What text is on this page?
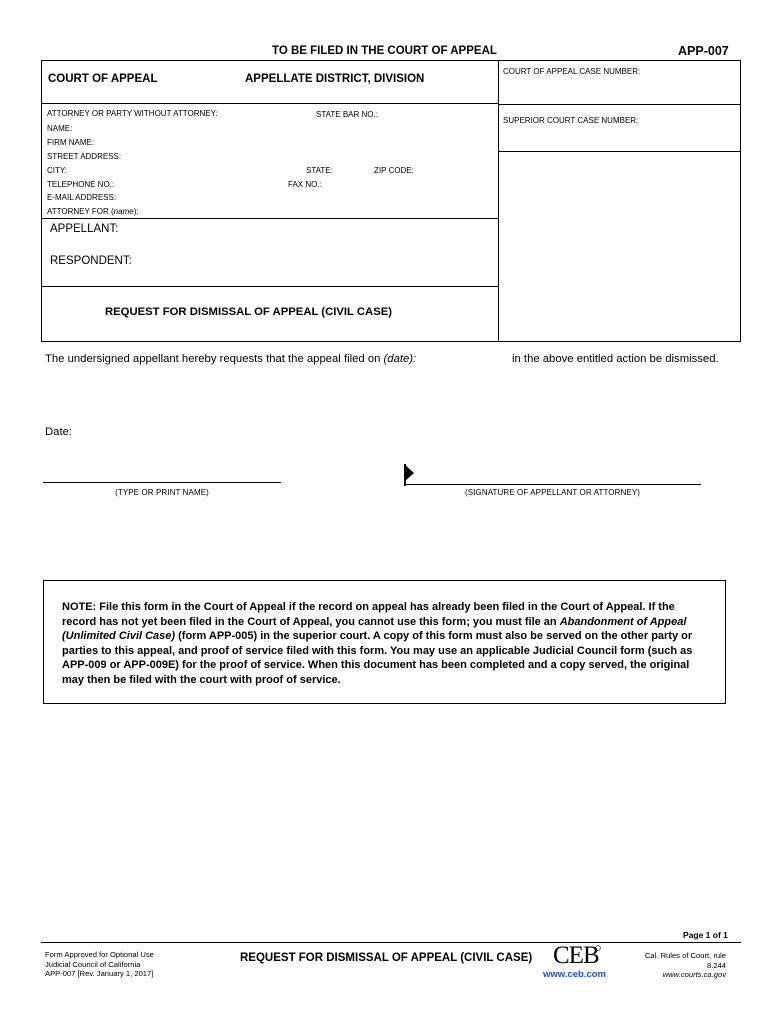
TO BE FILED IN THE COURT OF APPEAL	APP-007
COURT OF APPEAL	APPELLATE DISTRICT, DIVISION
COURT OF APPEAL CASE NUMBER:
SUPERIOR COURT CASE NUMBER:
ATTORNEY OR PARTY WITHOUT ATTORNEY:	STATE BAR NO.:
NAME:
FIRM NAME:
STREET ADDRESS:
CITY:	STATE:	ZIP CODE:
TELEPHONE NO.:	FAX NO.:
E-MAIL ADDRESS:
ATTORNEY FOR (name):
APPELLANT:
RESPONDENT:
REQUEST FOR DISMISSAL OF APPEAL (CIVIL CASE)
The undersigned appellant hereby requests that the appeal filed on (date):	in the above entitled action be dismissed.
Date:
(TYPE OR PRINT NAME)	(SIGNATURE OF APPELLANT OR ATTORNEY)
NOTE: File this form in the Court of Appeal if the record on appeal has already been filed in the Court of Appeal. If the record has not yet been filed in the Court of Appeal, you cannot use this form; you must file an Abandonment of Appeal (Unlimited Civil Case) (form APP-005) in the superior court. A copy of this form must also be served on the other party or parties to this appeal, and proof of service filed with this form. You may use an applicable Judicial Council form (such as APP-009 or APP-009E) for the proof of service. When this document has been completed and a copy served, the original may then be filed with the court with proof of service.
Page 1 of 1
Form Approved for Optional Use
Judicial Council of California
APP-007 [Rev. January 1, 2017]
REQUEST FOR DISMISSAL OF APPEAL (CIVIL CASE) CEB
www.ceb.com
Cal. Rules of Court, rule 8.244
www.courts.ca.gov
